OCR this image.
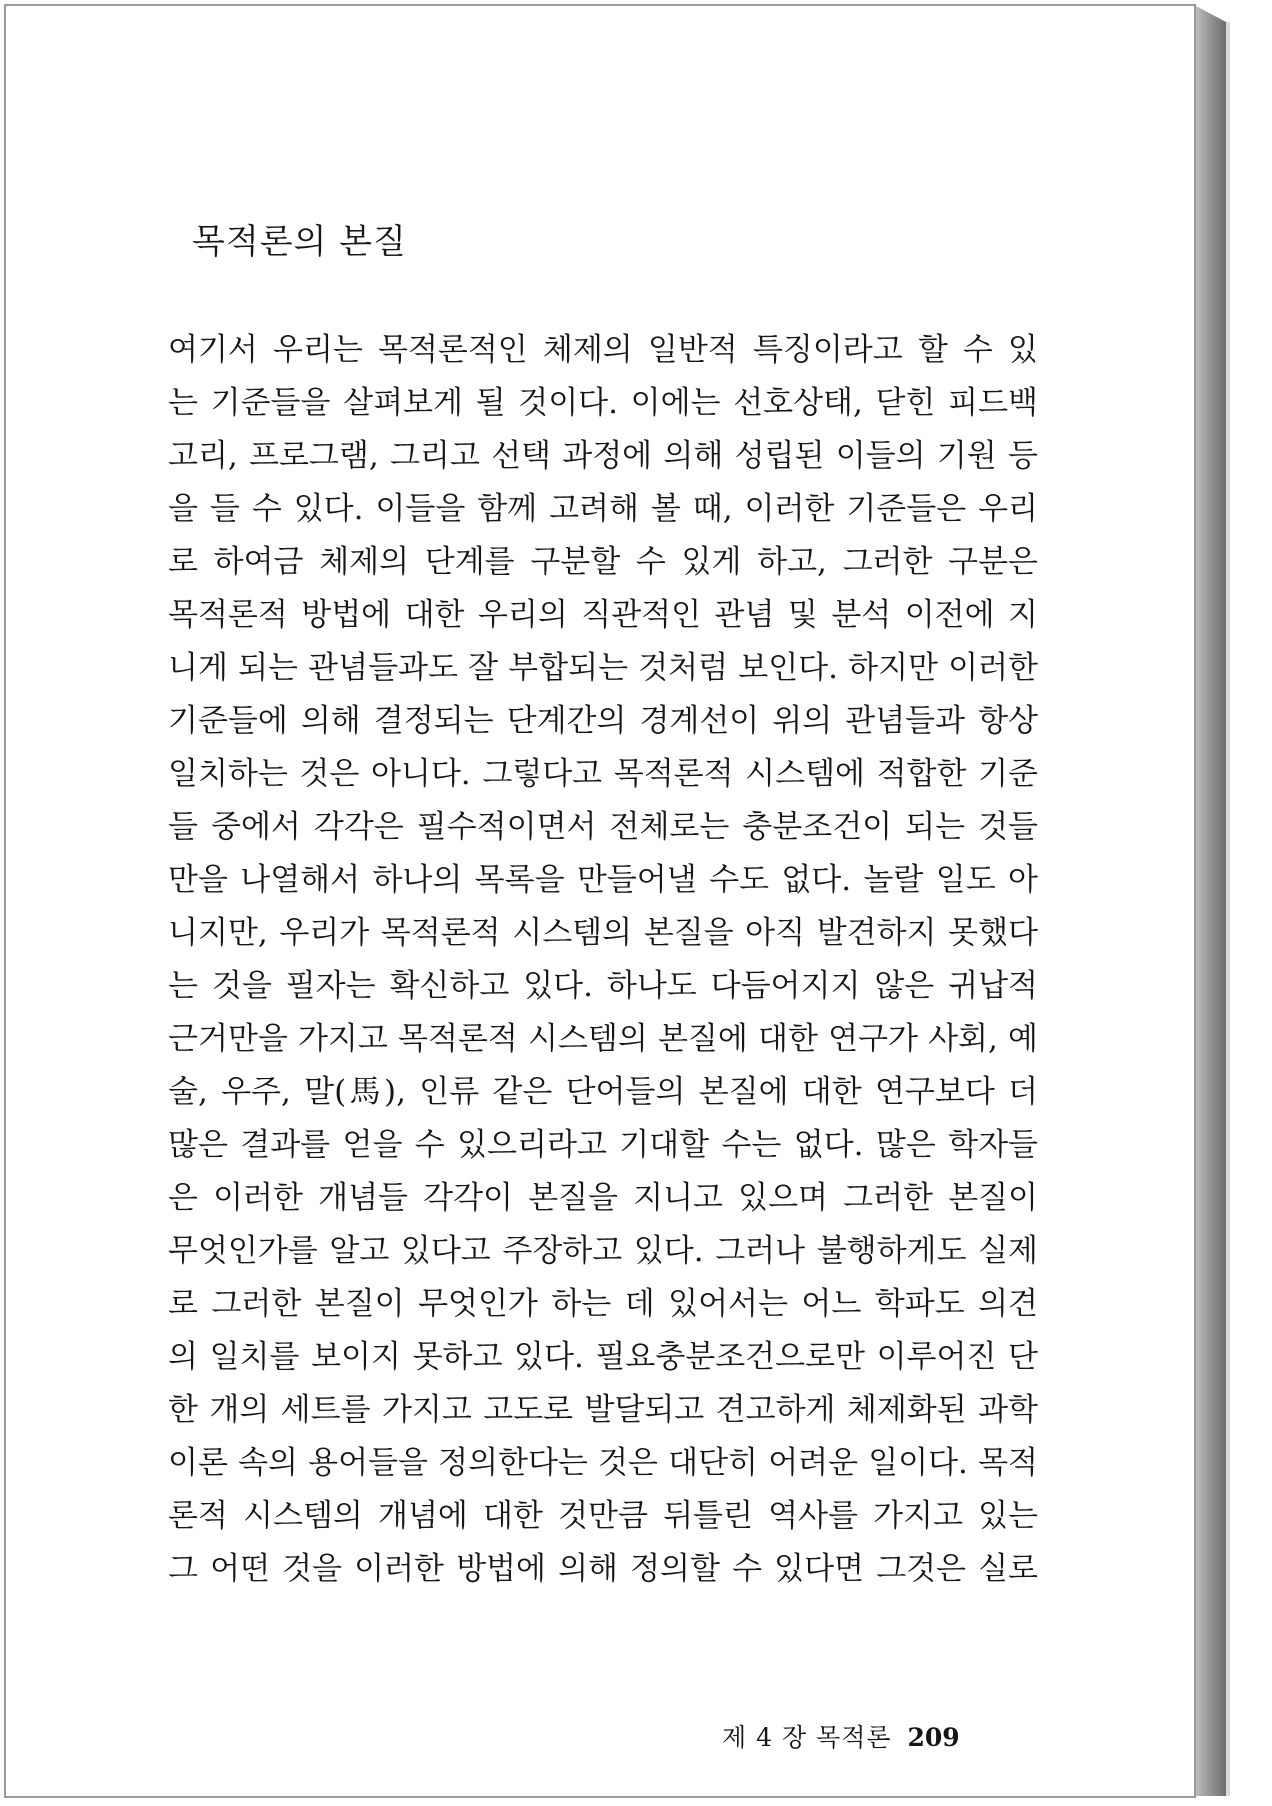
목적론의 본질
여기서 우리는 목적론적인 체제의 일반적 특징이라고 할 수 있
는 기준들을 살펴보게 될 것이다. 이에는 선호상태, 닫힌 피드백
고리, 프로그램, 그리고 선택 과정에 의해 성립된 이들의 기원 등
을 들 수 있다. 이들을 함께 고려해 볼 때, 이러한 기준들은 우리
로 하여금 체제의 단계를 구분할 수 있게 하고, 그러한 구분은
목적론적 방법에 대한 우리의 직관적인 관념 및 분석 이전에 지
니게 되는 관념들과도 잘 부합되는 것처럼 보인다. 하지만 이러한
기준들에 의해 결정되는 단계간의 경계선이 위의 관념들과 항상
일치하는 것은 아니다. 그렇다고 목적론적 시스템에 적합한 기준
들 중에서 각각은 필수적이면서 전체로는 충분조건이 되는 것들
만을 나열해서 하나의 목록을 만들어낼 수도 없다. 놀랄 일도 아
니지만, 우리가 목적론적 시스템의 본질을 아직 발견하지 못했다
는 것을 필자는 확신하고 있다. 하나도 다듬어지지 않은 귀납적
근거만을 가지고 목적론적 시스템의 본질에 대한 연구가 사회, 예
술, 우주, 말(馬), 인류 같은 단어들의 본질에 대한 연구보다 더
많은 결과를 얻을 수 있으리라고 기대할 수는 없다. 많은 학자들
은 이러한 개념들 각각이 본질을 지니고 있으며 그러한 본질이
무엇인가를 알고 있다고 주장하고 있다. 그러나 불행하게도 실제
로 그러한 본질이 무엇인가 하는 데 있어서는 어느 학파도 의견
의 일치를 보이지 못하고 있다. 필요충분조건으로만 이루어진 단
한 개의 세트를 가지고 고도로 발달되고 견고하게 체제화된 과학
이론 속의 용어들을 정의한다는 것은 대단히 어려운 일이다. 목적
론적 시스템의 개념에 대한 것만큼 뒤틀린 역사를 가지고 있는
그 어떤 것을 이러한 방법에 의해 정의할 수 있다면 그것은 실로
제 4 장 목적론 209
